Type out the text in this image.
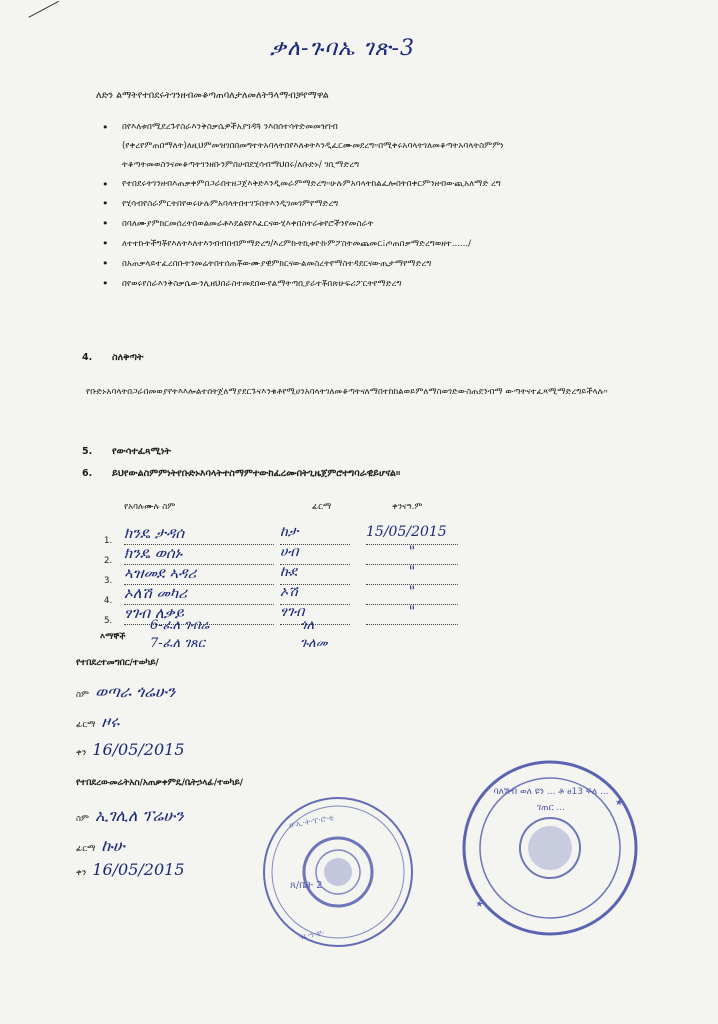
ቃለ-ጉባኤ ገጽ-3
ለድን ልማትየተበደሩትገንዘብመቆጣጠባለታለመለትዓላማብቻየማዋል
• በየእለቱበሚደረጉየስራእንቅስቃሴዎችአያገዳጓ ንእበሰተሳትድመመዝገብ (የቀረየምጠበማለት)ለዚህምመዝገበበመግተትአባላትበየእለቱትእንዲፈርሙመደረግ።በሚቀሩአባላትገለመቆጣትአባላትስምምነ ትቆጣትመወስንናመቆጣትገንዘቡንምበሀብደሂሳብማህበሩ/ለሱድኑ/ ገቢማድረግ
• የተበደሩትገንዘብእጠቃቀምበጋራበተዘጋጀእቅድእንዲመራምማድረግ።ሁሉምአባላትከልፈሎበትበቀርምንዘብውጪአለማድ ረግ
• የሂሳብየስራምርትበየወሩሁሉምአባላትበተገኙበትእንዲገመገምየማድረግ
• በባለሙያምክርመሰረትበወልመራቶእደልዩየእፈርናውሂእቀበስትራቱየሮችንየመስራት
• ለተተኩትችግቾየእለትእለተእንብብበብምማድረግ/እረምኩትኪቱዮኩምፖስትመጨመር፤ጦጠበቃማድረግወዘተ....../
• በአጠቃላይተፈረበቡትንመሬትበተሰጠቾውሙያዊምክርናውልመስረትየማስተዳደርናውጢታማየማድረግ
• በየወሩየስራእንቅስቃሴውንሊዘህበራስተመደበውየልማትጣቢያራተቾበጽሁፍሪፖርትየማድረግ
4. ስለቅጣት
የቡድኑአባላትበጋራበመወያየትእእሎልተሰትጀለማያደርጉናእንቁቶየሚሀንአባላትገለመቆጣትናለማበተከከልወይምለማስወገድውስጠደንብማ ውጣትናተፈጻሚማድረግይችላሉ።
5. የውሳተፈጻሚነት
6. ይህየውልስምምነትየቡድኑእባላትተስማምተውከፈረሙበትጊዜጀምሮተግባራዊይሆናል።
የአባሉሙሉ ስም	ፊርማ	ቀንናዓ.ም
1. ክንዴ ታዳሰ	ከታ	15/05/2015
2. ክንዴ ወሰኑ	ሀብ	"
3. ኣዝመደ ኣዳሪ	ኩደ	"
4. ኦለሽ መካሪ	ኦሽ	"
5. ፃገብ ለቃይ	ፃገብ	"
እማኞች
6-ፈለ ገብሬ	ጎለ
7-ፈለ ገጸር	ጉለመ
የተበደረተመግበር/ተወካይ/
ስም ወጣራ ጎሬሁን
ፊርማ ዞሩ
ቀን 16/05/2015
የተበደረውመሬትአስ/አጠቃቀምዴ/ቤትኃላፊ/ተወካይ/
ስም ኢገሊለ ፕሬሁን
ፊርማ ኩሁ
ቀን 16/05/2015
ዐ·ኢ·ት·ፕ·ሮ·ቲ
·ቤ·ን·ቸ·
ጸ/ቤት 2
★
★
ባለሽብ ወለ ዩን ... ቶ ፀ13 ፍለ ... ገጠር ...
